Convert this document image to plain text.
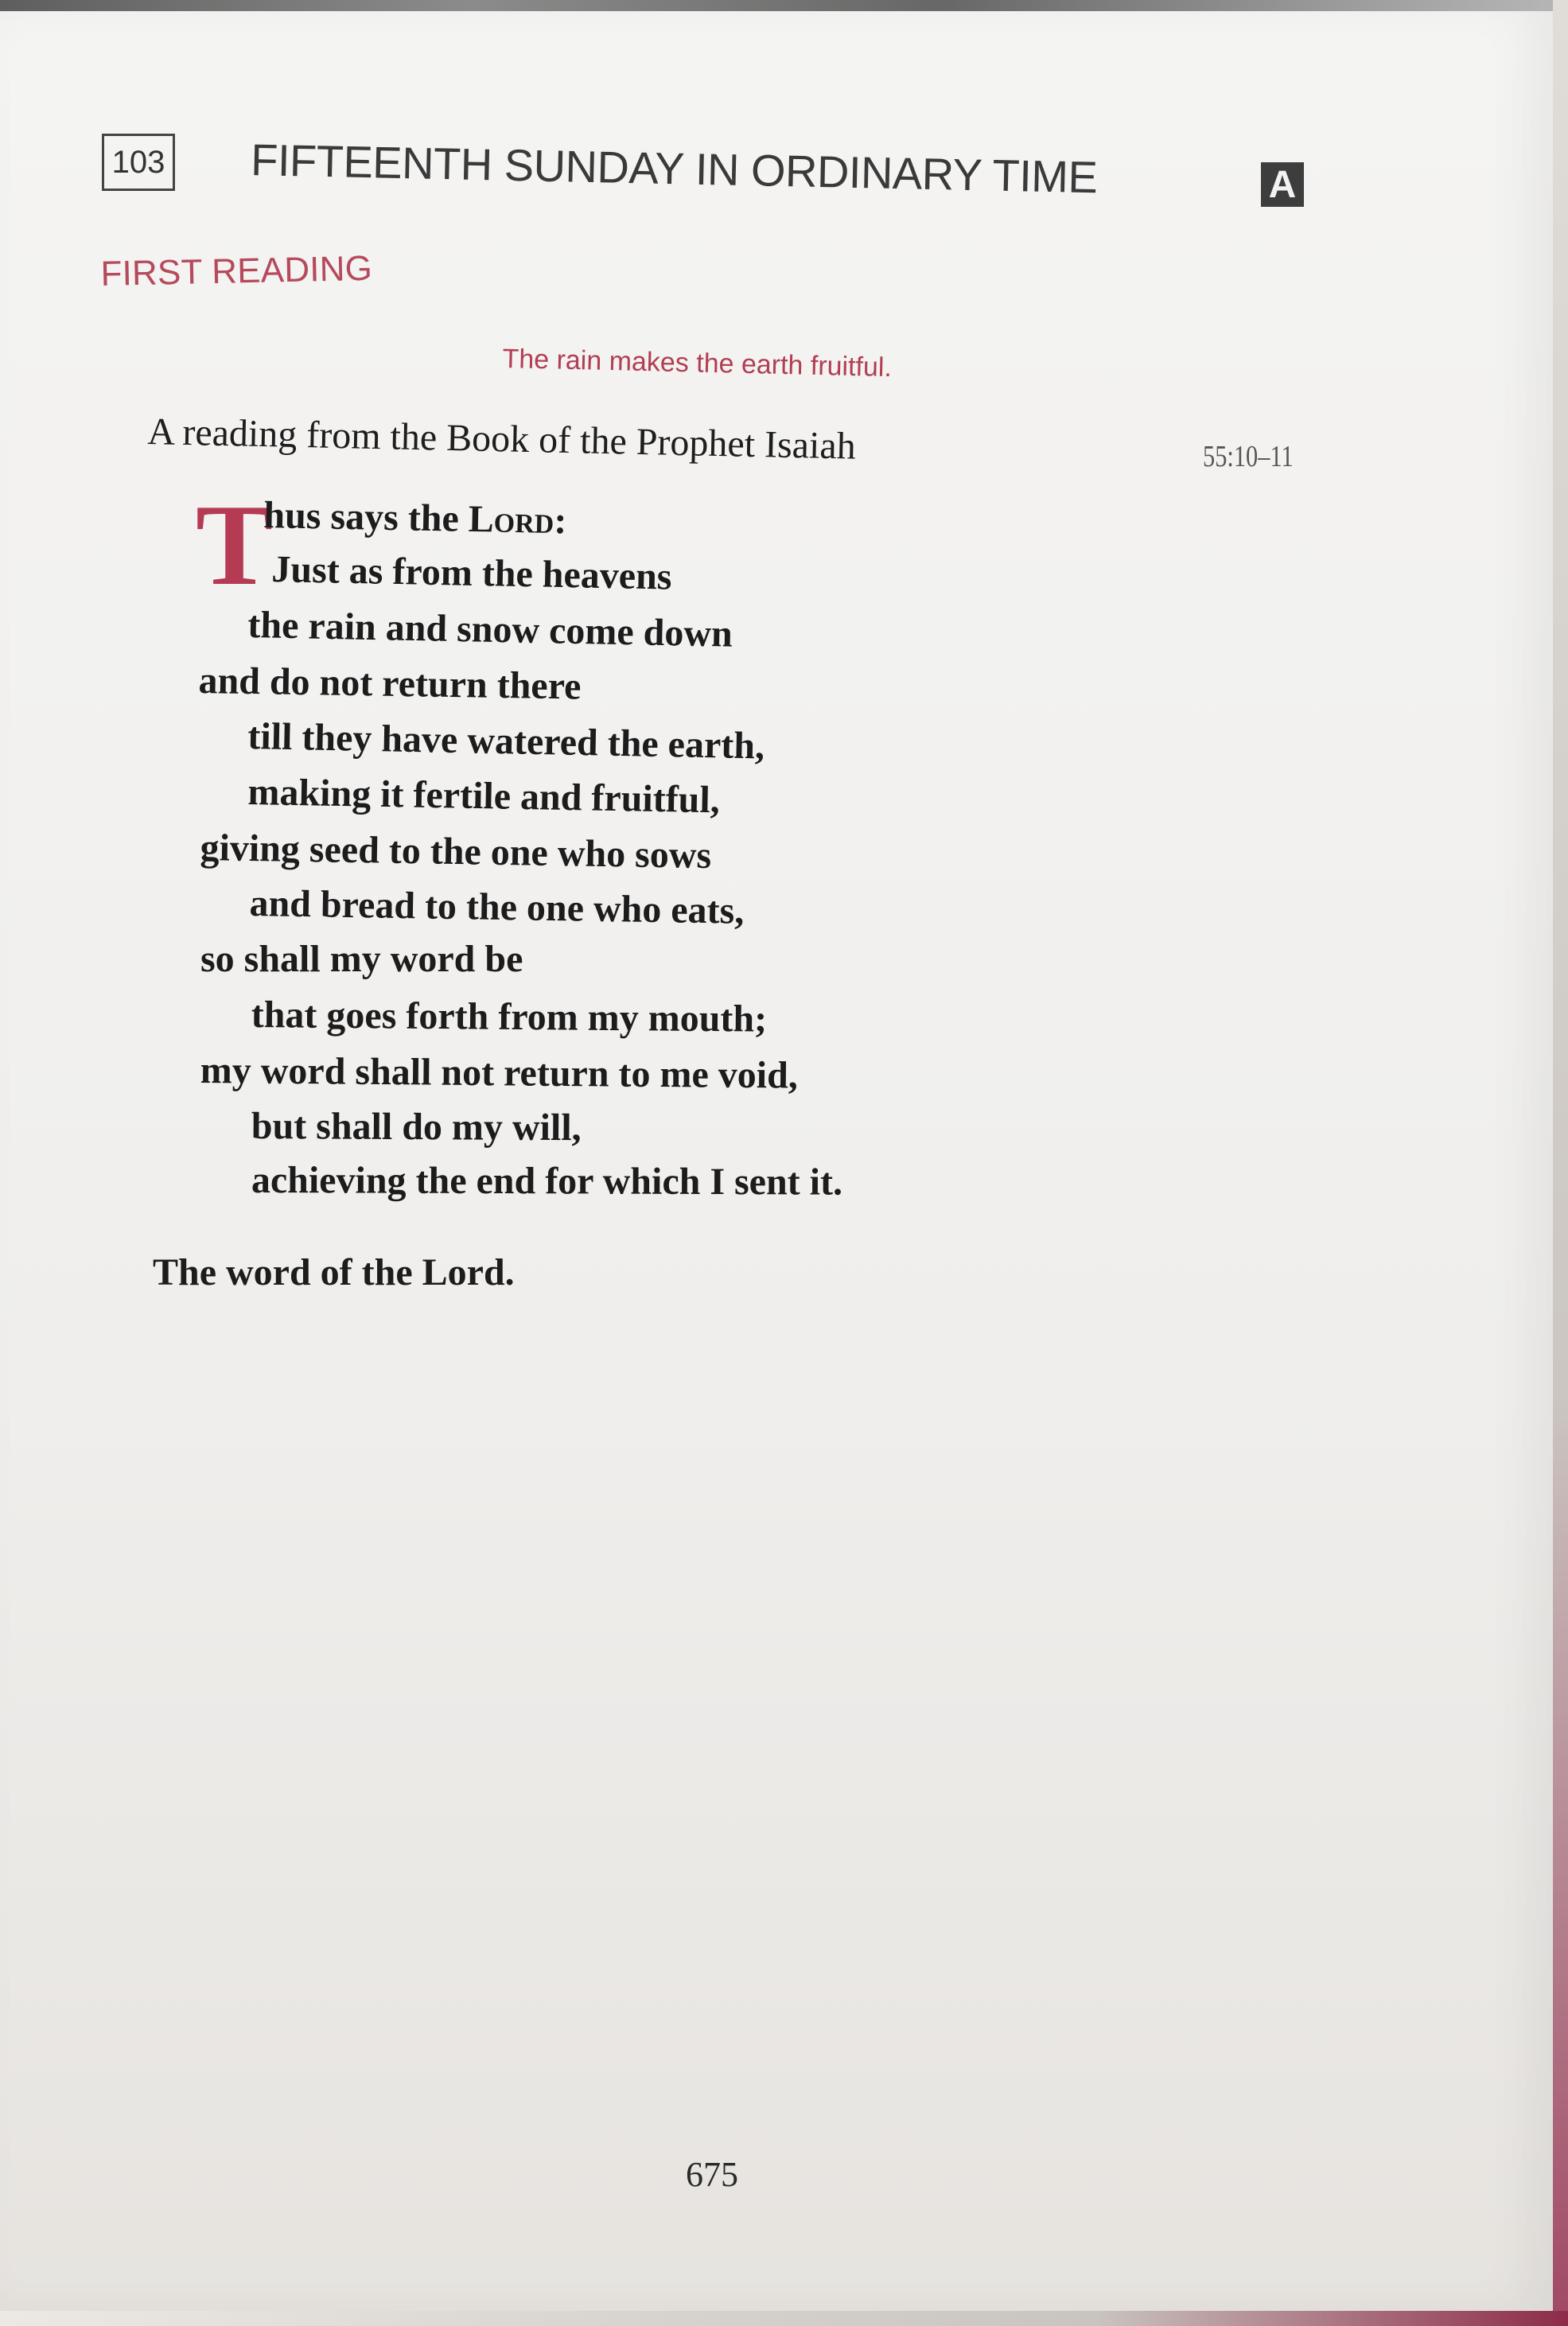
103 FIFTEENTH SUNDAY IN ORDINARY TIME	A
FIRST READING
The rain makes the earth fruitful.
A reading from the Book of the Prophet Isaiah	55:10–11
T
hus says the Lord:
Just as from the heavens
the rain and snow come down
and do not return there
till they have watered the earth,
making it fertile and fruitful,
giving seed to the one who sows
and bread to the one who eats,
so shall my word be
that goes forth from my mouth;
my word shall not return to me void,
but shall do my will,
achieving the end for which I sent it.
The word of the Lord.
675
